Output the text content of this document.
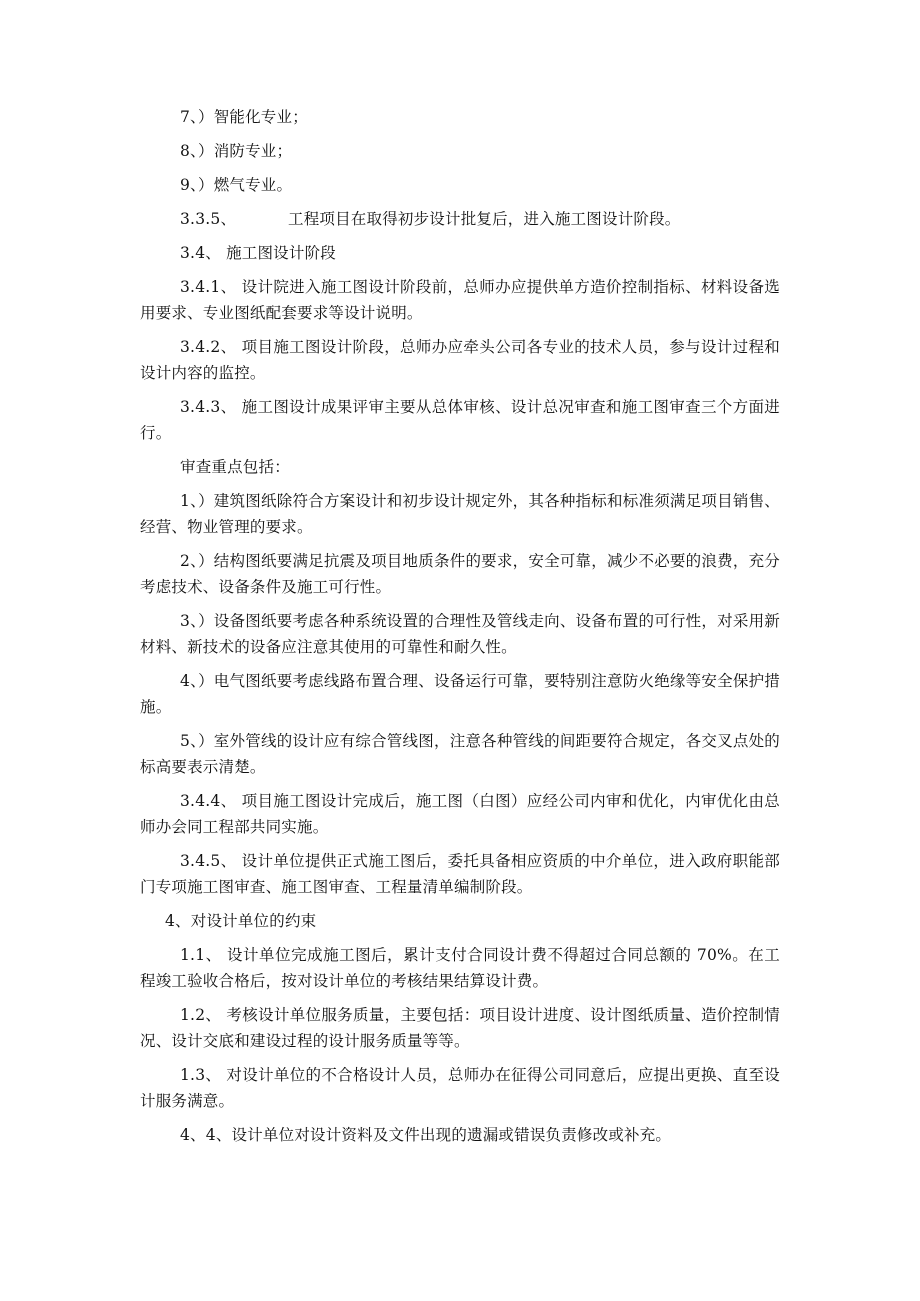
7、）智能化专业；

8、）消防专业；

9、）燃气专业。

3.3.5、	工程项目在取得初步设计批复后，进入施工图设计阶段。

3.4、 施工图设计阶段

3.4.1、 设计院进入施工图设计阶段前，总师办应提供单方造价控制指标、材料设备选用要求、专业图纸配套要求等设计说明。

3.4.2、 项目施工图设计阶段，总师办应牵头公司各专业的技术人员，参与设计过程和设计内容的监控。

3.4.3、 施工图设计成果评审主要从总体审核、设计总况审查和施工图审查三个方面进行。

审查重点包括：

1、）建筑图纸除符合方案设计和初步设计规定外，其各种指标和标准须满足项目销售、经营、物业管理的要求。

2、）结构图纸要满足抗震及项目地质条件的要求，安全可靠，减少不必要的浪费，充分考虑技术、设备条件及施工可行性。

3、）设备图纸要考虑各种系统设置的合理性及管线走向、设备布置的可行性，对采用新材料、新技术的设备应注意其使用的可靠性和耐久性。

4、）电气图纸要考虑线路布置合理、设备运行可靠，要特别注意防火绝缘等安全保护措施。

5、）室外管线的设计应有综合管线图，注意各种管线的间距要符合规定，各交叉点处的标高要表示清楚。

3.4.4、 项目施工图设计完成后，施工图（白图）应经公司内审和优化，内审优化由总师办会同工程部共同实施。

3.4.5、 设计单位提供正式施工图后，委托具备相应资质的中介单位，进入政府职能部门专项施工图审查、施工图审查、工程量清单编制阶段。

4、对设计单位的约束

1.1、 设计单位完成施工图后，累计支付合同设计费不得超过合同总额的 70%。在工程竣工验收合格后，按对设计单位的考核结果结算设计费。

1.2、 考核设计单位服务质量，主要包括：项目设计进度、设计图纸质量、造价控制情况、设计交底和建设过程的设计服务质量等等。

1.3、 对设计单位的不合格设计人员，总师办在征得公司同意后，应提出更换、直至设计服务满意。

4、4、设计单位对设计资料及文件出现的遗漏或错误负责修改或补充。
